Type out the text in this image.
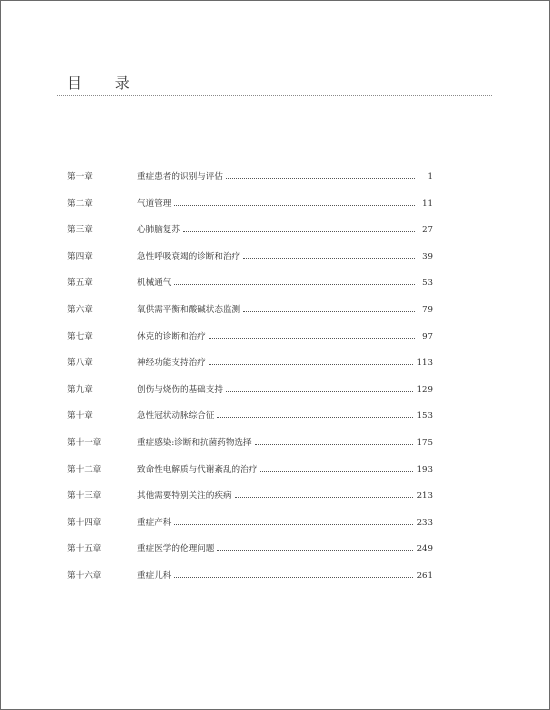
目 录
第一章	重症患者的识别与评估	1
第二章	气道管理	11
第三章	心肺脑复苏	27
第四章	急性呼吸衰竭的诊断和治疗	39
第五章	机械通气	53
第六章	氧供需平衡和酸碱状态监测	79
第七章	休克的诊断和治疗	97
第八章	神经功能支持治疗	113
第九章	创伤与烧伤的基础支持	129
第十章	急性冠状动脉综合征	153
第十一章	重症感染:诊断和抗菌药物选择	175
第十二章	致命性电解质与代谢紊乱的治疗	193
第十三章	其他需要特别关注的疾病	213
第十四章	重症产科	233
第十五章	重症医学的伦理问题	249
第十六章	重症儿科	261
